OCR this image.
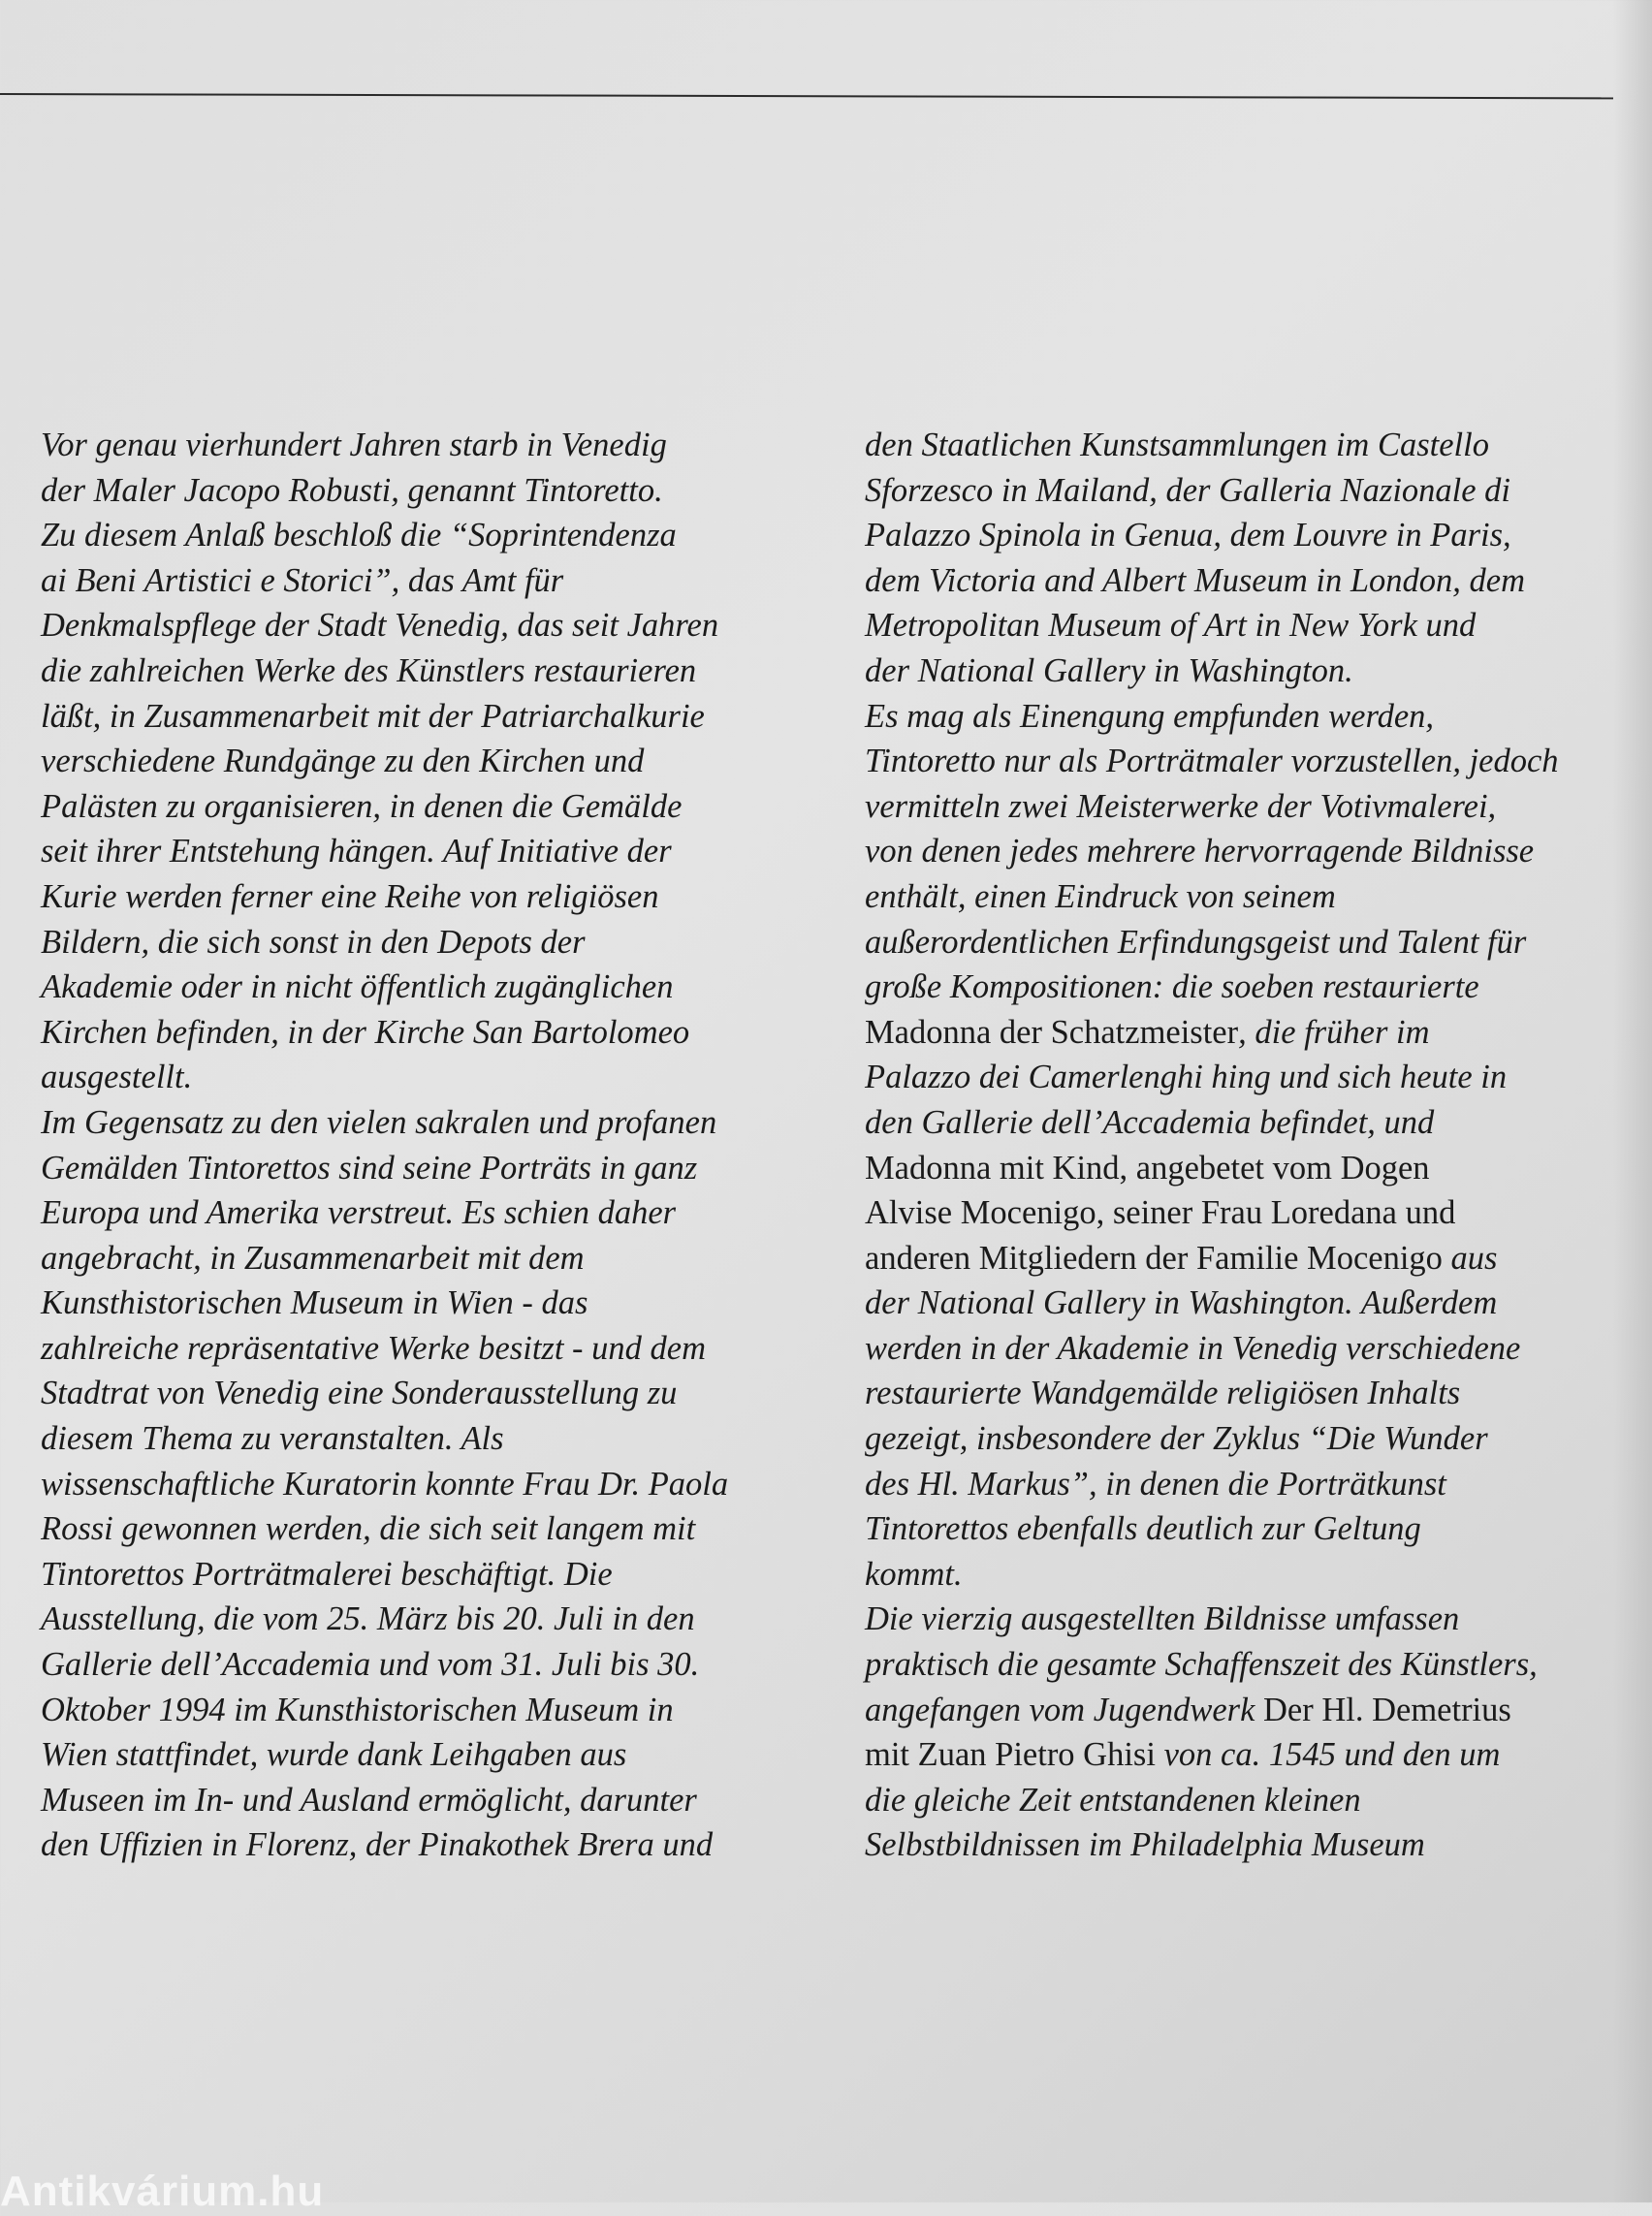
Vor genau vierhundert Jahren starb in Venedig
der Maler Jacopo Robusti, genannt Tintoretto.
Zu diesem Anlaß beschloß die “Soprintendenza
ai Beni Artistici e Storici”, das Amt für
Denkmalspflege der Stadt Venedig, das seit Jahren
die zahlreichen Werke des Künstlers restaurieren
läßt, in Zusammenarbeit mit der Patriarchalkurie
verschiedene Rundgänge zu den Kirchen und
Palästen zu organisieren, in denen die Gemälde
seit ihrer Entstehung hängen. Auf Initiative der
Kurie werden ferner eine Reihe von religiösen
Bildern, die sich sonst in den Depots der
Akademie oder in nicht öffentlich zugänglichen
Kirchen befinden, in der Kirche San Bartolomeo
ausgestellt.
Im Gegensatz zu den vielen sakralen und profanen
Gemälden Tintorettos sind seine Porträts in ganz
Europa und Amerika verstreut. Es schien daher
angebracht, in Zusammenarbeit mit dem
Kunsthistorischen Museum in Wien - das
zahlreiche repräsentative Werke besitzt - und dem
Stadtrat von Venedig eine Sonderausstellung zu
diesem Thema zu veranstalten. Als
wissenschaftliche Kuratorin konnte Frau Dr. Paola
Rossi gewonnen werden, die sich seit langem mit
Tintorettos Porträtmalerei beschäftigt. Die
Ausstellung, die vom 25. März bis 20. Juli in den
Gallerie dell’Accademia und vom 31. Juli bis 30.
Oktober 1994 im Kunsthistorischen Museum in
Wien stattfindet, wurde dank Leihgaben aus
Museen im In- und Ausland ermöglicht, darunter
den Uffizien in Florenz, der Pinakothek Brera und
den Staatlichen Kunstsammlungen im Castello
Sforzesco in Mailand, der Galleria Nazionale di
Palazzo Spinola in Genua, dem Louvre in Paris,
dem Victoria and Albert Museum in London, dem
Metropolitan Museum of Art in New York und
der National Gallery in Washington.
Es mag als Einengung empfunden werden,
Tintoretto nur als Porträtmaler vorzustellen, jedoch
vermitteln zwei Meisterwerke der Votivmalerei,
von denen jedes mehrere hervorragende Bildnisse
enthält, einen Eindruck von seinem
außerordentlichen Erfindungsgeist und Talent für
große Kompositionen: die soeben restaurierte
Madonna der Schatzmeister, die früher im
Palazzo dei Camerlenghi hing und sich heute in
den Gallerie dell’Accademia befindet, und
Madonna mit Kind, angebetet vom Dogen
Alvise Mocenigo, seiner Frau Loredana und
anderen Mitgliedern der Familie Mocenigo aus
der National Gallery in Washington. Außerdem
werden in der Akademie in Venedig verschiedene
restaurierte Wandgemälde religiösen Inhalts
gezeigt, insbesondere der Zyklus “Die Wunder
des Hl. Markus”, in denen die Porträtkunst
Tintorettos ebenfalls deutlich zur Geltung
kommt.
Die vierzig ausgestellten Bildnisse umfassen
praktisch die gesamte Schaffenszeit des Künstlers,
angefangen vom Jugendwerk Der Hl. Demetrius
mit Zuan Pietro Ghisi von ca. 1545 und den um
die gleiche Zeit entstandenen kleinen
Selbstbildnissen im Philadelphia Museum
Antikvárium.hu
